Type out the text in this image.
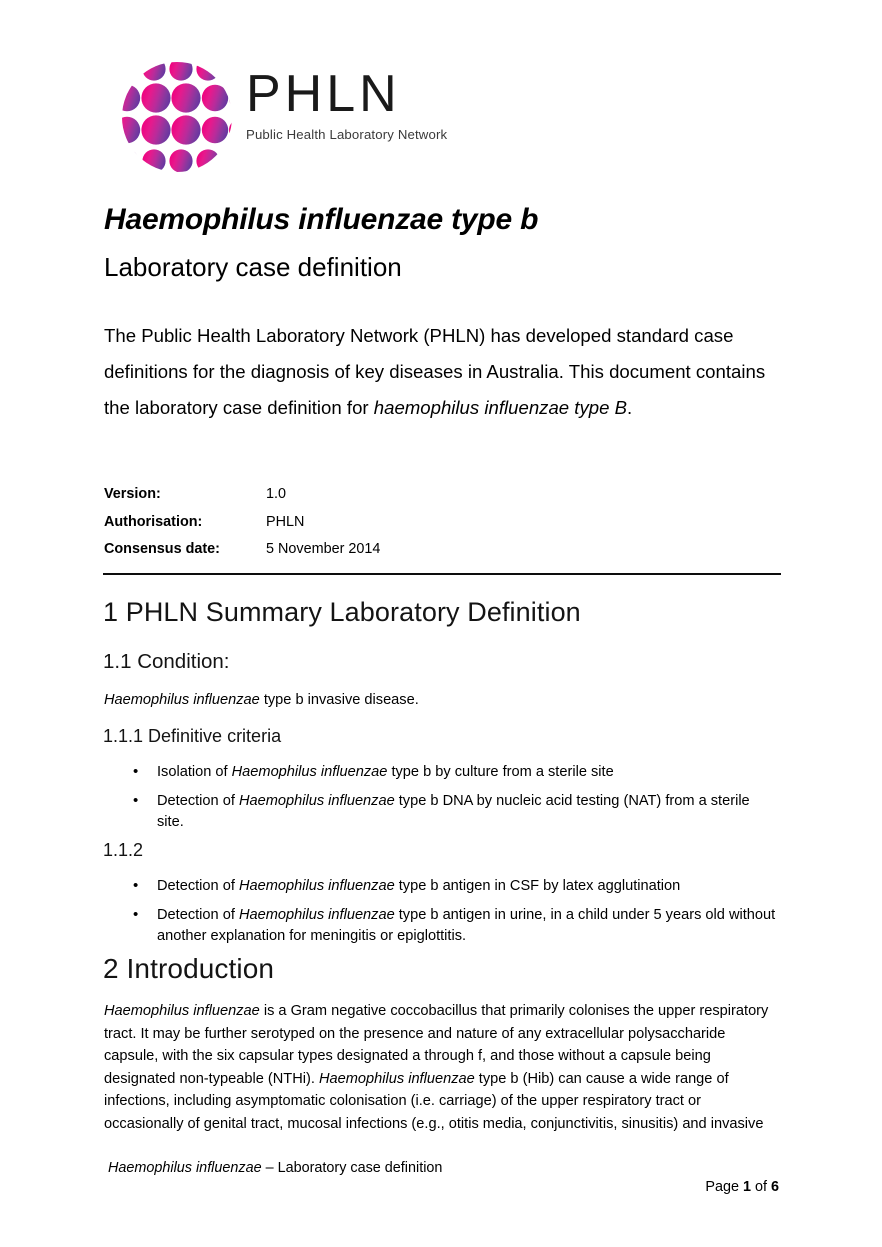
PHLN
Public Health Laboratory Network
Haemophilus influenzae type b
Laboratory case definition
The Public Health Laboratory Network (PHLN) has developed standard case definitions for the diagnosis of key diseases in Australia. This document contains the laboratory case definition for haemophilus influenzae type B.
Version:	1.0
Authorisation:	PHLN
Consensus date:	5 November 2014
1 PHLN Summary Laboratory Definition
1.1 Condition:
Haemophilus influenzae type b invasive disease.
1.1.1 Definitive criteria
• Isolation of Haemophilus influenzae type b by culture from a sterile site
• Detection of Haemophilus influenzae type b DNA by nucleic acid testing (NAT) from a sterile site.
1.1.2
• Detection of Haemophilus influenzae type b antigen in CSF by latex agglutination
• Detection of Haemophilus influenzae type b antigen in urine, in a child under 5 years old without another explanation for meningitis or epiglottitis.
2 Introduction
Haemophilus influenzae is a Gram negative coccobacillus that primarily colonises the upper respiratory tract. It may be further serotyped on the presence and nature of any extracellular polysaccharide capsule, with the six capsular types designated a through f, and those without a capsule being designated non-typeable (NTHi). Haemophilus influenzae type b (Hib) can cause a wide range of infections, including asymptomatic colonisation (i.e. carriage) of the upper respiratory tract or occasionally of genital tract, mucosal infections (e.g., otitis media, conjunctivitis, sinusitis) and invasive
Haemophilus influenzae – Laboratory case definition
Page 1 of 6
